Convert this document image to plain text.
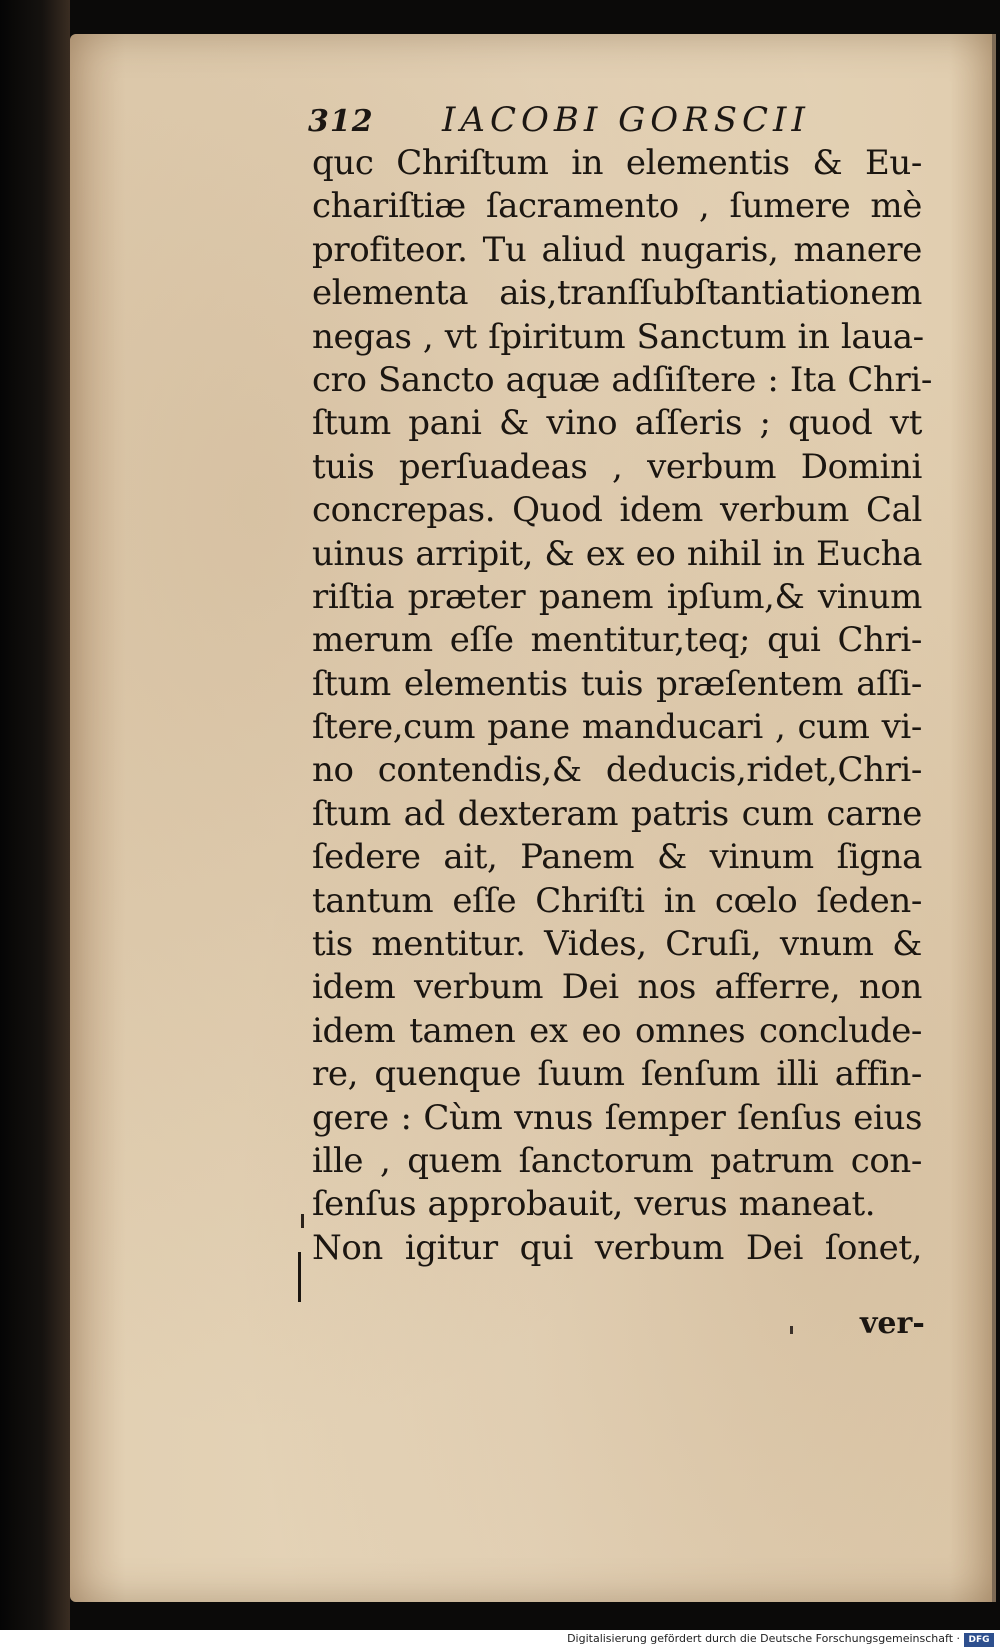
312 IACOBI GORSCII
quc Chriſtum in elementis & Eu-
chariſtiæ ſacramento , ſumere mè
profiteor. Tu aliud nugaris, manere
elementa ais,tranſſubſtantiationem
negas , vt ſpiritum Sanctum in laua-
cro Sancto aquæ adſiſtere : Ita Chri-
ſtum pani & vino aſſeris ; quod vt
tuis perſuadeas , verbum Domini
concrepas. Quod idem verbum Cal
uinus arripit, & ex eo nihil in Eucha
riſtia præter panem ipſum,& vinum
merum eſſe mentitur,teq; qui Chri-
ſtum elementis tuis præſentem aſſi-
ſtere,cum pane manducari , cum vi-
no contendis,& deducis,ridet,Chri-
ſtum ad dexteram patris cum carne
ſedere ait, Panem & vinum ſigna
tantum eſſe Chriſti in cœlo ſeden-
tis mentitur. Vides, Cruſi, vnum &
idem verbum Dei nos afferre, non
idem tamen ex eo omnes conclude-
re, quenque ſuum ſenſum illi affin-
gere : Cùm vnus ſemper ſenſus eius
ille , quem ſanctorum patrum con-
ſenſus approbauit, verus maneat.
Non igitur qui verbum Dei ſonet,
ver-
Digitalisierung gefördert durch die Deutsche Forschungsgemeinschaft · DFG
